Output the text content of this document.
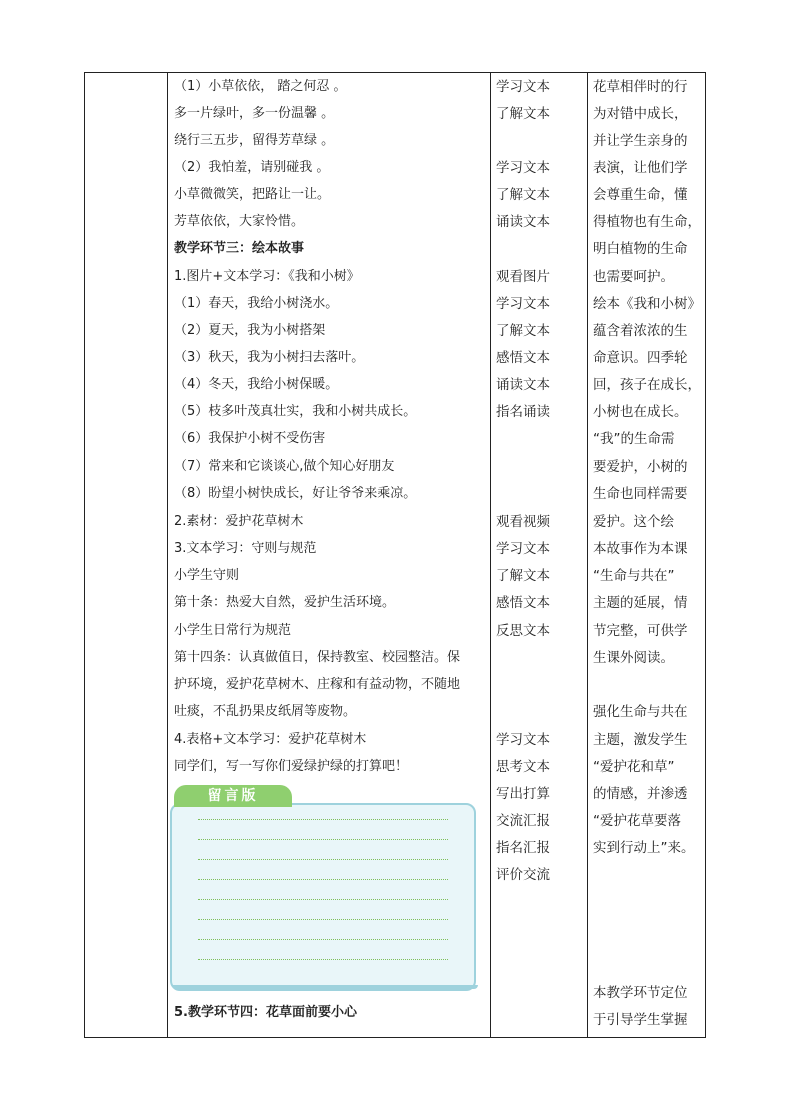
（1）小草依依， 踏之何忍 。
多一片绿叶，多一份温馨 。
绕行三五步，留得芳草绿 。
（2）我怕羞，请别碰我 。
小草微微笑，把路让一让。
芳草依依，大家怜惜。
教学环节三：绘本故事
1.图片+文本学习：《我和小树》
（1）春天，我给小树浇水。
（2）夏天，我为小树搭架
（3）秋天，我为小树扫去落叶。
（4）冬天，我给小树保暖。
（5）枝多叶茂真壮实，我和小树共成长。
（6）我保护小树不受伤害
（7）常来和它谈谈心,做个知心好朋友
（8）盼望小树快成长，好让爷爷来乘凉。
2.素材：爱护花草树木
3.文本学习：守则与规范
小学生守则
第十条：热爱大自然，爱护生活环境。
小学生日常行为规范
第十四条：认真做值日，保持教室、校园整洁。保
护环境，爱护花草树木、庄稼和有益动物，不随地
吐痰，不乱扔果皮纸屑等废物。
4.表格+文本学习：爱护花草树木
同学们，写一写你们爱绿护绿的打算吧！
留言版
5.教学环节四：花草面前要小心
学习文本
了解文本
学习文本
了解文本
诵读文本
观看图片
学习文本
了解文本
感悟文本
诵读文本
指名诵读
观看视频
学习文本
了解文本
感悟文本
反思文本
学习文本
思考文本
写出打算
交流汇报
指名汇报
评价交流
花草相伴时的行
为对错中成长，
并让学生亲身的
表演，让他们学
会尊重生命，懂
得植物也有生命，
明白植物的生命
也需要呵护。
绘本《我和小树》
蕴含着浓浓的生
命意识。四季轮
回，孩子在成长，
小树也在成长。
“我”的生命需
要爱护，小树的
生命也同样需要
爱护。这个绘
本故事作为本课
“生命与共在”
主题的延展，情
节完整，可供学
生课外阅读。
强化生命与共在
主题，激发学生
“爱护花和草”
的情感，并渗透
“爱护花草要落
实到行动上”来。
本教学环节定位
于引导学生掌握
